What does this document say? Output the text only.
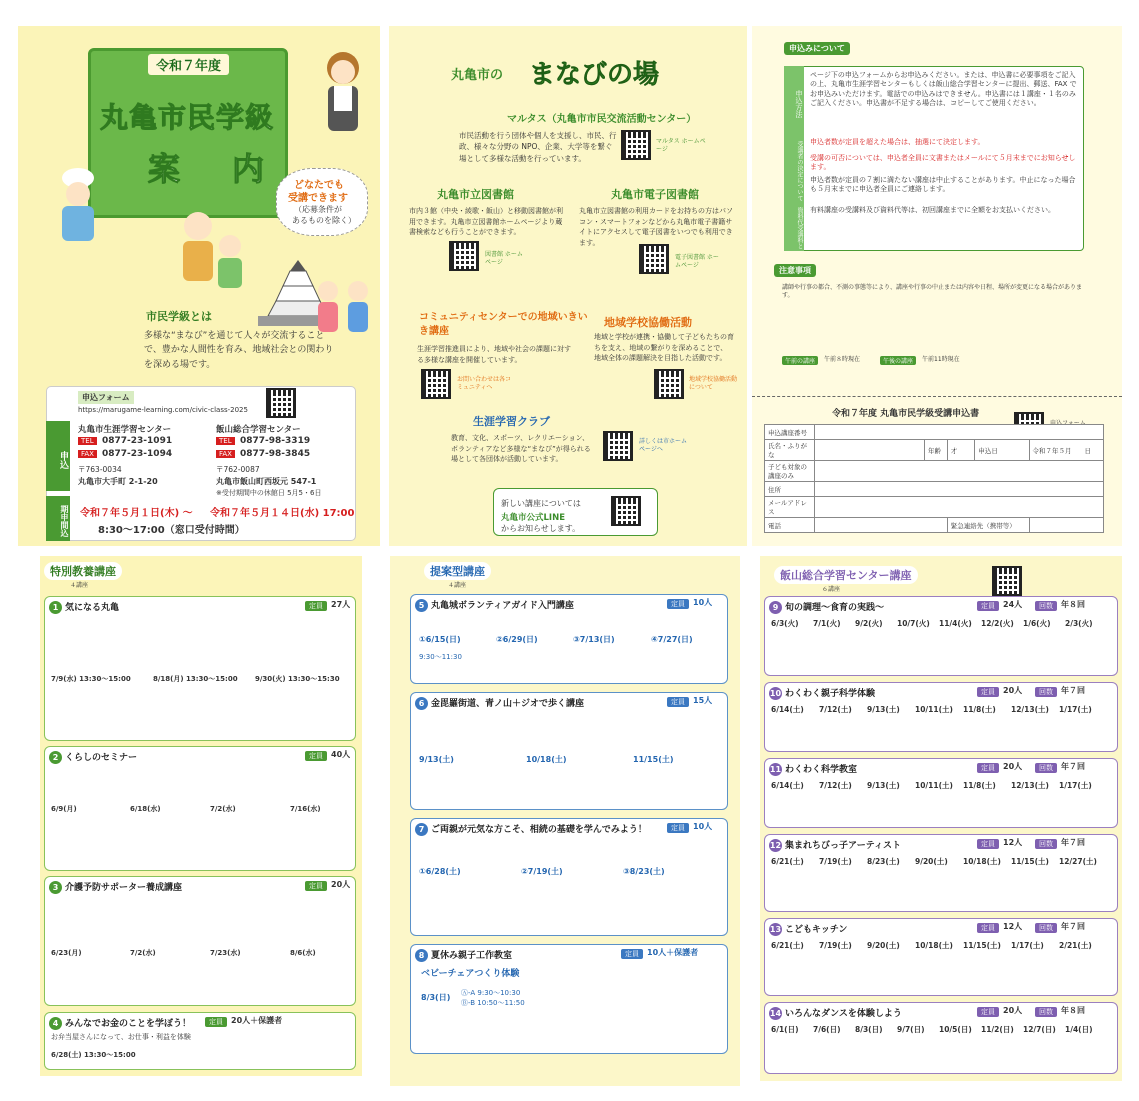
令和７年度
丸亀市民学級
案　内 どなたでも
受講できます
（応募条件が
あるものを除く）
市民学級とは
多様な“まなび”を通じて人々が交流することで、豊かな人間性を育み、地域社会との関わりを深める場です。
申込フォーム
https://marugame-learning.com/civic-class-2025
申込
丸亀市生涯学習センター
TEL 0877-23-1091
FAX 0877-23-1094
〒763-0034
丸亀市大手町 2-1-20
飯山総合学習センター
TEL 0877-98-3319
FAX 0877-98-3845
〒762-0087
丸亀市飯山町西坂元 547-1
※受付期間中の休館日 5月5・6日
期申間込 令和７年５月１日(木) ～ 令和７年５月１４日(水) 17:00
8:30～17:00（窓口受付時間）
丸亀市の まなびの場
マルタス（丸亀市市民交流活動センター）
市民活動を行う団体や個人を支援し、市民、行政、様々な分野の NPO、企業、大学等を繋ぐ場として多様な活動を行っています。
マルタス ホームページ
丸亀市立図書館
市内３館（中央・綾歌・飯山）と移動図書館が利用できます。丸亀市立図書館ホームページより蔵書検索なども行うことができます。
図書館 ホームページ
丸亀市電子図書館
丸亀市立図書館の利用カードをお持ちの方はパソコン・スマートフォンなどから丸亀市電子書籍サイトにアクセスして電子図書をいつでも利用できます。
電子図書館 ホームページ
コミュニティセンターでの地域いきいき講座
生涯学習推進員により、地域や社会の課題に対する多様な講座を開催しています。
お問い合わせは各コミュニティへ
地域学校協働活動
地域と学校が連携・協働して子どもたちの育ちを支え、地域の繋がりを深めることで、地域全体の課題解決を目指した活動です。
地域学校協働活動について
生涯学習クラブ
教育、文化、スポーツ、レクリエーション、ボランティアなど多様な“まなび”が得られる場として各団体が活動しています。
詳しくは市ホームページへ
新しい講座については
丸亀市公式LINE
からお知らせします。
申込みについて
申込方法
ページ下の申込フォームからお申込みください。または、申込書に必要事項をご記入の上、丸亀市生涯学習センターもしくは飯山総合学習センターに提出、郵送、FAX でお申込みいただけます。電話での申込みはできません。申込書には１講座・１名のみご記入ください。申込書が不足する場合は、コピーしてご使用ください。
受講者の決定について 申込者数が定員を超えた場合は、抽選にて決定します。
受講の可否については、申込者全員に文書またはメールにて５月末までにお知らせします。
申込者数が定員の７割に満たない講座は中止することがあります。中止になった場合も５月末までに申込者全員にご連絡します。
資料代受講料と 有料講座の受講料及び資料代等は、初回講座までに全額をお支払いください。
注意事項
講師や行事の都合、不測の事態等により、講座や行事の中止または内容や日程、場所が変更になる場合があります。
午前の講座	午前８時現在	午後の講座	午前11時現在
令和７年度 丸亀市民学級受講申込書
申込講座番号					
氏名・ふりがな		年齢	才	申込日	令和７年５月　　日
子ども対象の講座のみ					
住所					
メールアドレス					
電話			緊急連絡先（携帯等）		
特別教養講座
４講座
1 気になる丸亀	定員	27人
7/9(水) 13:30～15:00	8/18(月) 13:30～15:00 9/30(火) 13:30～15:30
2 くらしのセミナー	定員	40人
6/9(月)	6/18(水)	7/2(水)	7/16(水)
3 介護予防サポーター養成講座	定員	20人
6/23(月)	7/2(水)	7/23(水)	8/6(水)
4 みんなでお金のことを学ぼう！	定員	20人＋保護者
お弁当屋さんになって、お仕事・利益を体験
6/28(土) 13:30～15:00
提案型講座
４講座
5 丸亀城ボランティアガイド入門講座	定員	10人
①6/15(日)	②6/29(日)	③7/13(日)	④7/27(日)
9:30～11:30
6 金毘羅街道、青ノ山＋ジオで歩く講座	定員	15人
9/13(土)	10/18(土)	11/15(土)
7 ご両親が元気な方こそ、相続の基礎を学んでみよう！	定員	10人
①6/28(土)	②7/19(土)	③8/23(土)
8 夏休み親子工作教室	定員	10人＋保護者
ベビーチェアつくり体験
8/3(日) Ⓐ-A 9:30～10:30
Ⓑ-B 10:50～11:50
飯山総合学習センター講座
６講座
9 旬の調理～食育の実践～	定員	24人	回数	年８回
6/3(火) 7/1(火) 9/2(火) 10/7(火) 11/4(火) 12/2(火) 1/6(火) 2/3(火)
10 わくわく親子科学体験	定員	20人	回数	年７回
6/14(土) 7/12(土) 9/13(土) 10/11(土) 11/8(土) 12/13(土) 1/17(土)
11 わくわく科学教室	定員	20人	回数	年７回
6/14(土) 7/12(土) 9/13(土) 10/11(土) 11/8(土) 12/13(土) 1/17(土)
12 集まれちびっ子アーティスト	定員	12人	回数	年７回
6/21(土) 7/19(土) 8/23(土) 9/20(土) 10/18(土) 11/15(土) 12/27(土)
13 こどもキッチン	定員	12人	回数	年７回
6/21(土) 7/19(土) 9/20(土) 10/18(土) 11/15(土) 1/17(土) 2/21(土)
14 いろんなダンスを体験しよう	定員	20人	回数	年８回
6/1(日) 7/6(日) 8/3(日) 9/7(日) 10/5(日) 11/2(日) 12/7(日) 1/4(日)
